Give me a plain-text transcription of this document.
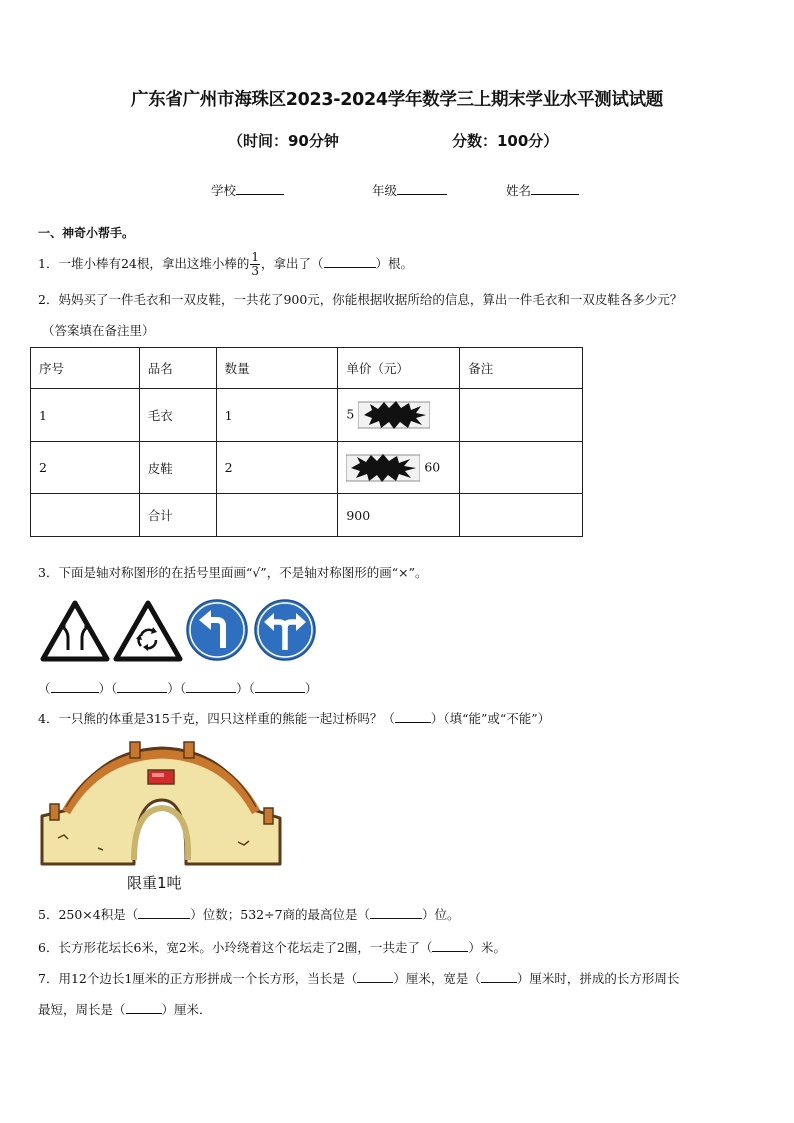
广东省广州市海珠区2023-2024学年数学三上期末学业水平测试试题
（时间：90分钟	分数：100分）
学校	年级	姓名
一、神奇小帮手。
1．一堆小棒有24根，拿出这堆小棒的 $\frac{1}{3}$ ，拿出了（	）根。
2．妈妈买了一件毛衣和一双皮鞋，一共花了900元，你能根据收据所给的信息，算出一件毛衣和一双皮鞋各多少元？
（答案填在备注里）
序号	品名	数量	单价（元）	备注
1	毛衣	1	5	
2	皮鞋	2	60	
	合计		900	
3．下面是轴对称图形的在括号里面画“√”，不是轴对称图形的画“×”。
（	）（	）（	）（	）
4．一只熊的体重是315千克，四只这样重的熊能一起过桥吗？（	）（填“能”或“不能”）
限重1吨
5．250×4积是（	）位数；532÷7商的最高位是（	）位。
6．长方形花坛长6米，宽2米。小玲绕着这个花坛走了2圈，一共走了（	）米。
7．用12个边长1厘米的正方形拼成一个长方形，当长是（	）厘米，宽是（	）厘米时，拼成的长方形周长
最短，周长是（	）厘米．
